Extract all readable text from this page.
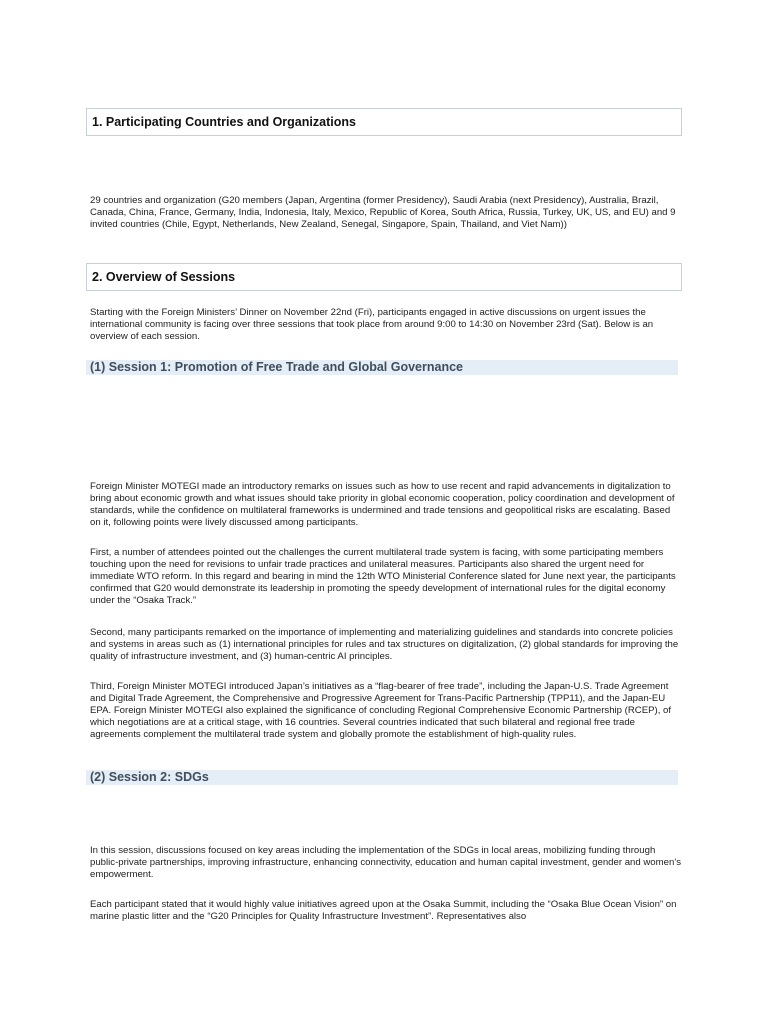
1. Participating Countries and Organizations

29 countries and organization (G20 members (Japan, Argentina (former Presidency), Saudi Arabia (next Presidency), Australia, Brazil, Canada, China, France, Germany, India, Indonesia, Italy, Mexico, Republic of Korea, South Africa, Russia, Turkey, UK, US, and EU) and 9 invited countries (Chile, Egypt, Netherlands, New Zealand, Senegal, Singapore, Spain, Thailand, and Viet Nam))

2. Overview of Sessions

Starting with the Foreign Ministers’ Dinner on November 22nd (Fri), participants engaged in active discussions on urgent issues the international community is facing over three sessions that took place from around 9:00 to 14:30 on November 23rd (Sat). Below is an overview of each session.

(1) Session 1: Promotion of Free Trade and Global Governance

Foreign Minister MOTEGI made an introductory remarks on issues such as how to use recent and rapid advancements in digitalization to bring about economic growth and what issues should take priority in global economic cooperation, policy coordination and development of standards, while the confidence on multilateral frameworks is undermined and trade tensions and geopolitical risks are escalating. Based on it, following points were lively discussed among participants.

First, a number of attendees pointed out the challenges the current multilateral trade system is facing, with some participating members touching upon the need for revisions to unfair trade practices and unilateral measures. Participants also shared the urgent need for immediate WTO reform. In this regard and bearing in mind the 12th WTO Ministerial Conference slated for June next year, the participants confirmed that G20 would demonstrate its leadership in promoting the speedy development of international rules for the digital economy under the “Osaka Track.”

Second, many participants remarked on the importance of implementing and materializing guidelines and standards into concrete policies and systems in areas such as (1) international principles for rules and tax structures on digitalization, (2) global standards for improving the quality of infrastructure investment, and (3) human-centric AI principles.

Third, Foreign Minister MOTEGI introduced Japan’s initiatives as a “flag-bearer of free trade”, including the Japan-U.S. Trade Agreement and Digital Trade Agreement, the Comprehensive and Progressive Agreement for Trans-Pacific Partnership (TPP11), and the Japan-EU EPA. Foreign Minister MOTEGI also explained the significance of concluding Regional Comprehensive Economic Partnership (RCEP), of which negotiations are at a critical stage, with 16 countries. Several countries indicated that such bilateral and regional free trade agreements complement the multilateral trade system and globally promote the establishment of high-quality rules.

(2) Session 2: SDGs

In this session, discussions focused on key areas including the implementation of the SDGs in local areas, mobilizing funding through public-private partnerships, improving infrastructure, enhancing connectivity, education and human capital investment, gender and women’s empowerment.

Each participant stated that it would highly value initiatives agreed upon at the Osaka Summit, including the “Osaka Blue Ocean Vision” on marine plastic litter and the “G20 Principles for Quality Infrastructure Investment”. Representatives also
